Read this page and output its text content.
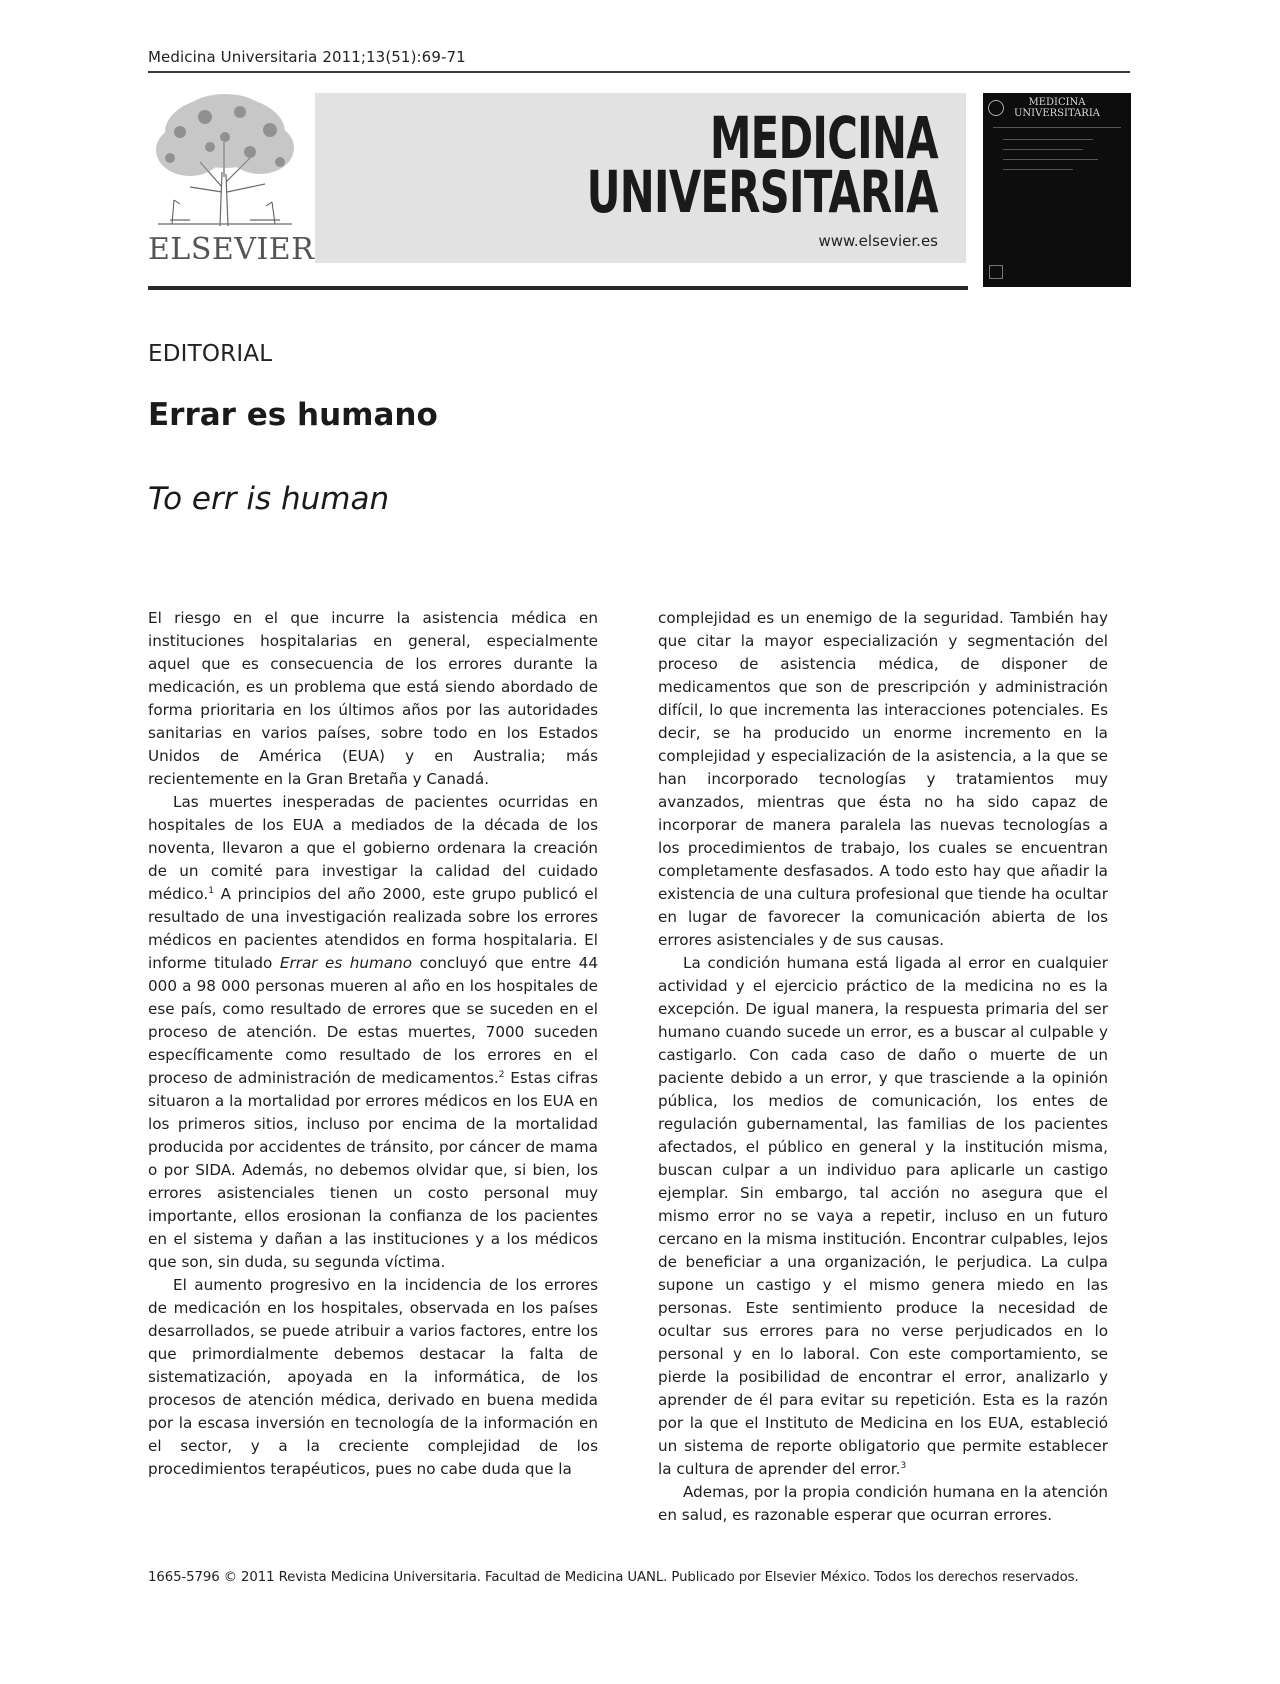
Medicina Universitaria 2011;13(51):69-71
ELSEVIER
MEDICINA
UNIVERSITARIA
www.elsevier.es
MEDICINA
UNIVERSITARIA
EDITORIAL
Errar es humano
To err is human

El riesgo en el que incurre la asistencia médica en instituciones hospitalarias en general, especialmente aquel que es consecuencia de los errores durante la medicación, es un problema que está siendo abordado de forma prioritaria en los últimos años por las autoridades sanitarias en varios países, sobre todo en los Estados Unidos de América (EUA) y en Australia; más recientemente en la Gran Bretaña y Canadá.

Las muertes inesperadas de pacientes ocurridas en hospitales de los EUA a mediados de la década de los noventa, llevaron a que el gobierno ordenara la creación de un comité para investigar la calidad del cuidado médico.$^1$ A principios del año 2000, este grupo publicó el resultado de una investigación realizada sobre los errores médicos en pacientes atendidos en forma hospitalaria. El informe titulado Errar es humano concluyó que entre 44 000 a 98 000 personas mueren al año en los hospitales de ese país, como resultado de errores que se suceden en el proceso de atención. De estas muertes, 7000 suceden específicamente como resultado de los errores en el proceso de administración de medicamentos.$^2$ Estas cifras situaron a la mortalidad por errores médicos en los EUA en los primeros sitios, incluso por encima de la mortalidad producida por accidentes de tránsito, por cáncer de mama o por SIDA. Además, no debemos olvidar que, si bien, los errores asistenciales tienen un costo personal muy importante, ellos erosionan la confianza de los pacientes en el sistema y dañan a las instituciones y a los médicos que son, sin duda, su segunda víctima.

El aumento progresivo en la incidencia de los errores de medicación en los hospitales, observada en los países desarrollados, se puede atribuir a varios factores, entre los que primordialmente debemos destacar la falta de sistematización, apoyada en la informática, de los procesos de atención médica, derivado en buena medida por la escasa inversión en tecnología de la información en el sector, y a la creciente complejidad de los procedimientos terapéuticos, pues no cabe duda que la

complejidad es un enemigo de la seguridad. También hay que citar la mayor especialización y segmentación del proceso de asistencia médica, de disponer de medicamentos que son de prescripción y administración difícil, lo que incrementa las interacciones potenciales. Es decir, se ha producido un enorme incremento en la complejidad y especialización de la asistencia, a la que se han incorporado tecnologías y tratamientos muy avanzados, mientras que ésta no ha sido capaz de incorporar de manera paralela las nuevas tecnologías a los procedimientos de trabajo, los cuales se encuentran completamente desfasados. A todo esto hay que añadir la existencia de una cultura profesional que tiende ha ocultar en lugar de favorecer la comunicación abierta de los errores asistenciales y de sus causas.

La condición humana está ligada al error en cualquier actividad y el ejercicio práctico de la medicina no es la excepción. De igual manera, la respuesta primaria del ser humano cuando sucede un error, es a buscar al culpable y castigarlo. Con cada caso de daño o muerte de un paciente debido a un error, y que trasciende a la opinión pública, los medios de comunicación, los entes de regulación gubernamental, las familias de los pacientes afectados, el público en general y la institución misma, buscan culpar a un individuo para aplicarle un castigo ejemplar. Sin embargo, tal acción no asegura que el mismo error no se vaya a repetir, incluso en un futuro cercano en la misma institución. Encontrar culpables, lejos de beneficiar a una organización, le perjudica. La culpa supone un castigo y el mismo genera miedo en las personas. Este sentimiento produce la necesidad de ocultar sus errores para no verse perjudicados en lo personal y en lo laboral. Con este comportamiento, se pierde la posibilidad de encontrar el error, analizarlo y aprender de él para evitar su repetición. Esta es la razón por la que el Instituto de Medicina en los EUA, estableció un sistema de reporte obligatorio que permite establecer la cultura de aprender del error.$^3$

Ademas, por la propia condición humana en la atención en salud, es razonable esperar que ocurran errores.

1665-5796 © 2011 Revista Medicina Universitaria. Facultad de Medicina UANL. Publicado por Elsevier México. Todos los derechos reservados.
